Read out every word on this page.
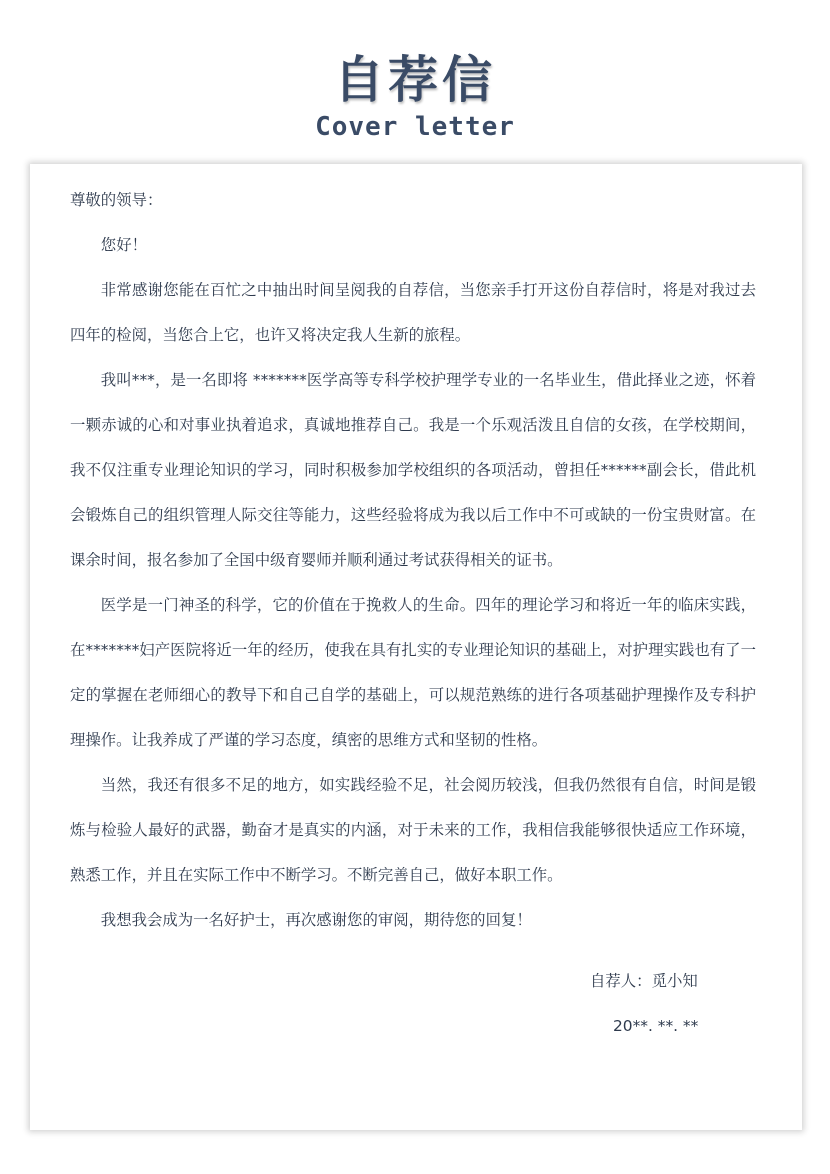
自荐信
Cover letter

尊敬的领导：

您好！

非常感谢您能在百忙之中抽出时间呈阅我的自荐信，当您亲手打开这份自荐信时，将是对我过去四年的检阅，当您合上它，也许又将决定我人生新的旅程。

我叫***，是一名即将 *******医学高等专科学校护理学专业的一名毕业生，借此择业之迹，怀着一颗赤诚的心和对事业执着追求，真诚地推荐自己。我是一个乐观活泼且自信的女孩，在学校期间，我不仅注重专业理论知识的学习，同时积极参加学校组织的各项活动，曾担任******副会长，借此机会锻炼自己的组织管理人际交往等能力，这些经验将成为我以后工作中不可或缺的一份宝贵财富。在课余时间，报名参加了全国中级育婴师并顺利通过考试获得相关的证书。

医学是一门神圣的科学，它的价值在于挽救人的生命。四年的理论学习和将近一年的临床实践，在*******妇产医院将近一年的经历，使我在具有扎实的专业理论知识的基础上，对护理实践也有了一定的掌握在老师细心的教导下和自己自学的基础上，可以规范熟练的进行各项基础护理操作及专科护理操作。让我养成了严谨的学习态度，缜密的思维方式和坚韧的性格。

当然，我还有很多不足的地方，如实践经验不足，社会阅历较浅，但我仍然很有自信，时间是锻炼与检验人最好的武器，勤奋才是真实的内涵，对于未来的工作，我相信我能够很快适应工作环境，熟悉工作，并且在实际工作中不断学习。不断完善自己，做好本职工作。

我想我会成为一名好护士，再次感谢您的审阅，期待您的回复！

自荐人：觅小知
20**. **. **
